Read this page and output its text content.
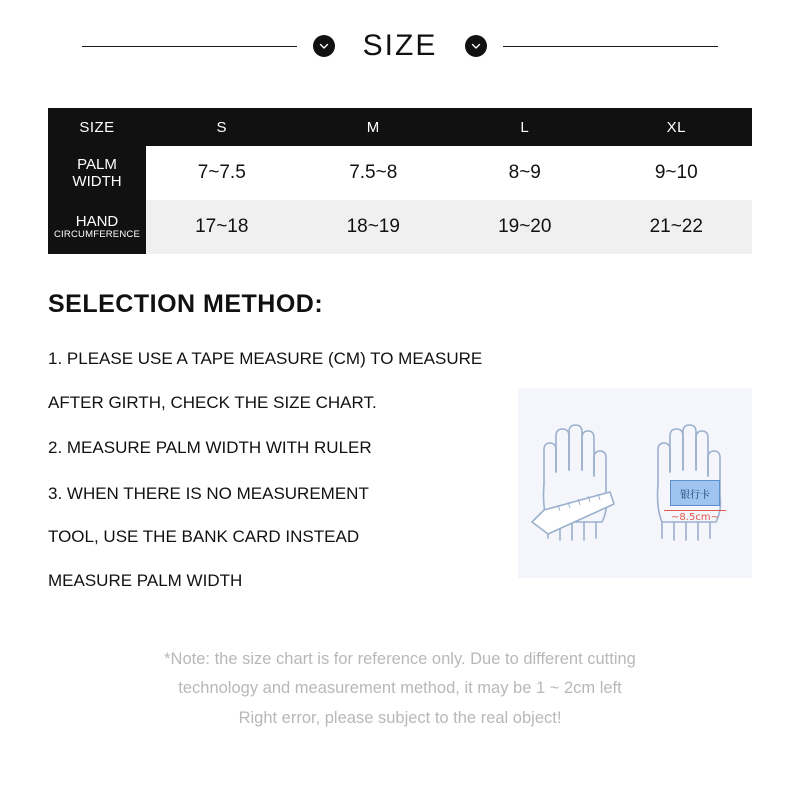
SIZE
SIZE	S	M	L	XL

PALM
WIDTH	7~7.5	7.5~8	8~9	9~10

HAND
CIRCUMFERENCE	17~18	18~19	19~20	21~22
SELECTION METHOD:

1. PLEASE USE A TAPE MEASURE (CM) TO MEASURE

AFTER GIRTH, CHECK THE SIZE CHART.

2. MEASURE PALM WIDTH WITH RULER

3. WHEN THERE IS NO MEASUREMENT

TOOL, USE THE BANK CARD INSTEAD

MEASURE PALM WIDTH

银行卡
~8.5cm~
*Note: the size chart is for reference only. Due to different cutting
technology and measurement method, it may be 1 ~ 2cm left
Right error, please subject to the real object!
